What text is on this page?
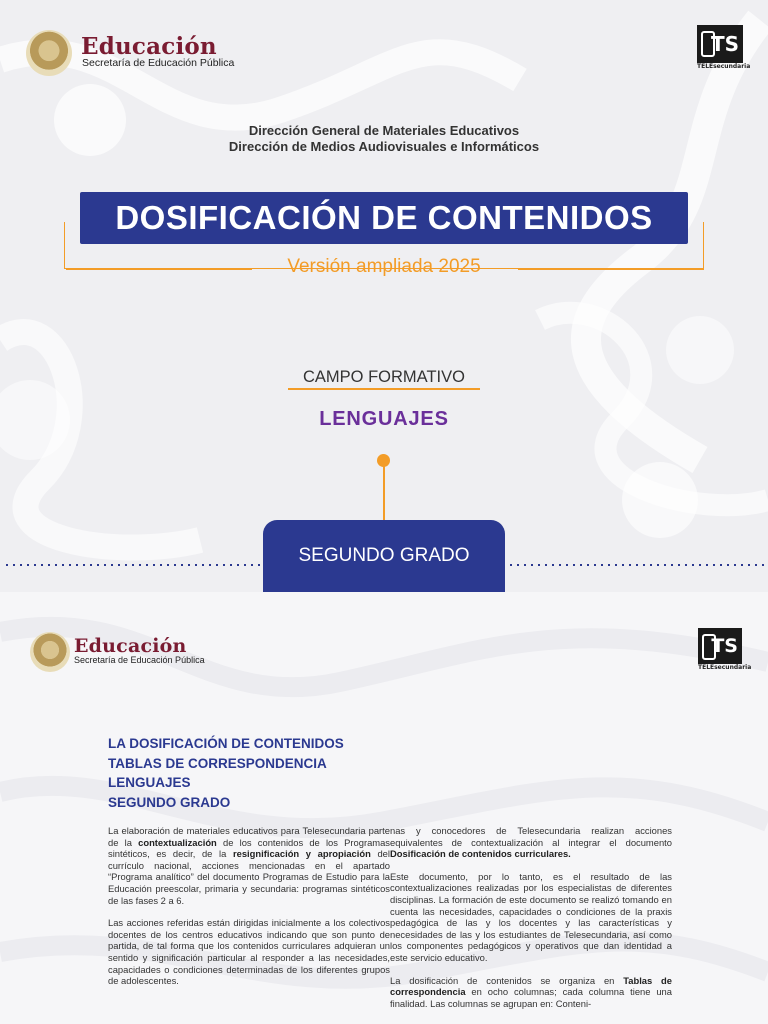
Educación
Secretaría de Educación Pública
TS
TELEsecundaria
Dirección General de Materiales Educativos
Dirección de Medios Audiovisuales e Informáticos
DOSIFICACIÓN DE CONTENIDOS
Versión ampliada 2025
CAMPO FORMATIVO
LENGUAJES
SEGUNDO GRADO
Educación
Secretaría de Educación Pública
TS
TELEsecundaria
LA DOSIFICACIÓN DE CONTENIDOS
TABLAS DE CORRESPONDENCIA
LENGUAJES
SEGUNDO GRADO

La elaboración de materiales educativos para Telesecundaria parte de la contextualización de los contenidos de los Programas sintéticos, es decir, de la resignificación y apropiación del currículo nacional, acciones mencionadas en el apartado “Programa analítico” del documento Programas de Estudio para la Educación preescolar, primaria y secundaria: programas sintéticos de las fases 2 a 6.

Las acciones referidas están dirigidas inicialmente a los colectivos docentes de los centros educativos indicando que son punto de partida, de tal forma que los contenidos curriculares adquieran un sentido y significación particular al responder a las necesidades, capacidades o condiciones determinadas de los diferentes grupos de adolescentes.

nas y conocedores de Telesecundaria realizan acciones equivalentes de contextualización al integrar el documento Dosificación de contenidos curriculares.

Este documento, por lo tanto, es el resultado de las contextualizaciones realizadas por los especialistas de diferentes disciplinas. La formación de este documento se realizó tomando en cuenta las necesidades, capacidades o condiciones de la praxis pedagógica de las y los docentes y las características y necesidades de las y los estudiantes de Telesecundaria, así como los componentes pedagógicos y operativos que dan identidad a este servicio educativo.

La dosificación de contenidos se organiza en Tablas de correspondencia en ocho columnas; cada columna tiene una finalidad. Las columnas se agrupan en: Conteni-
